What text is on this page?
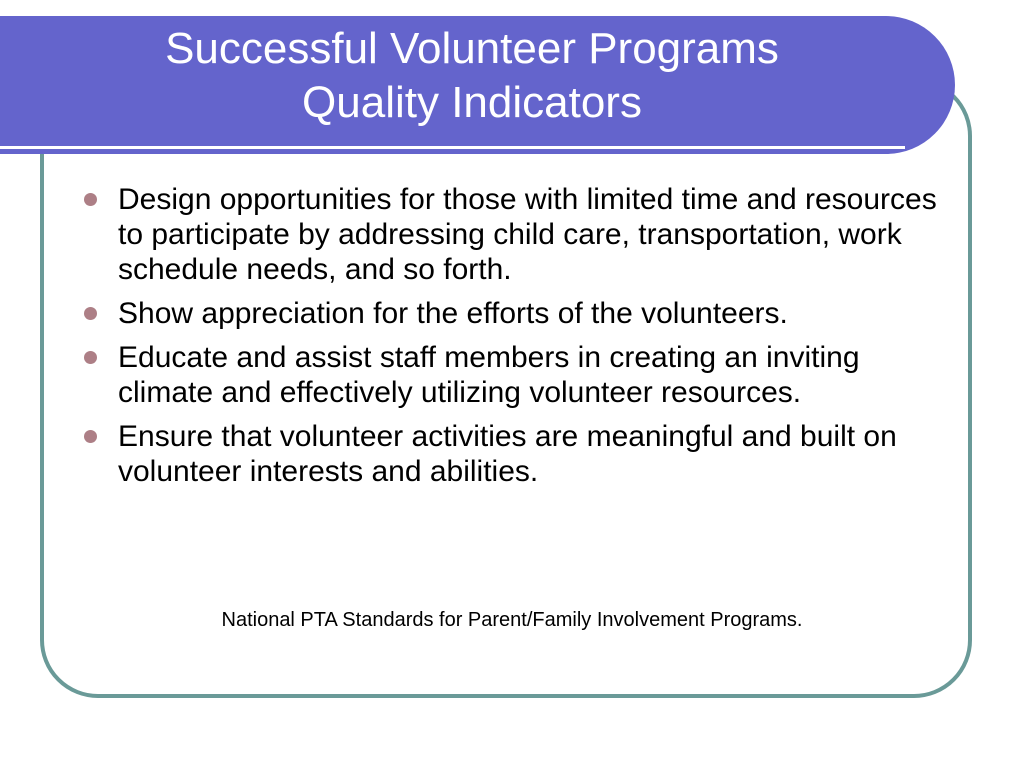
Successful Volunteer Programs
Quality Indicators
Design opportunities for those with limited time and resources to participate by addressing child care, transportation, work schedule needs, and so forth.
Show appreciation for the efforts of the volunteers.
Educate and assist staff members in creating an inviting climate and effectively utilizing volunteer resources.
Ensure that volunteer activities are meaningful and built on volunteer interests and abilities.
National PTA Standards for Parent/Family Involvement Programs.
